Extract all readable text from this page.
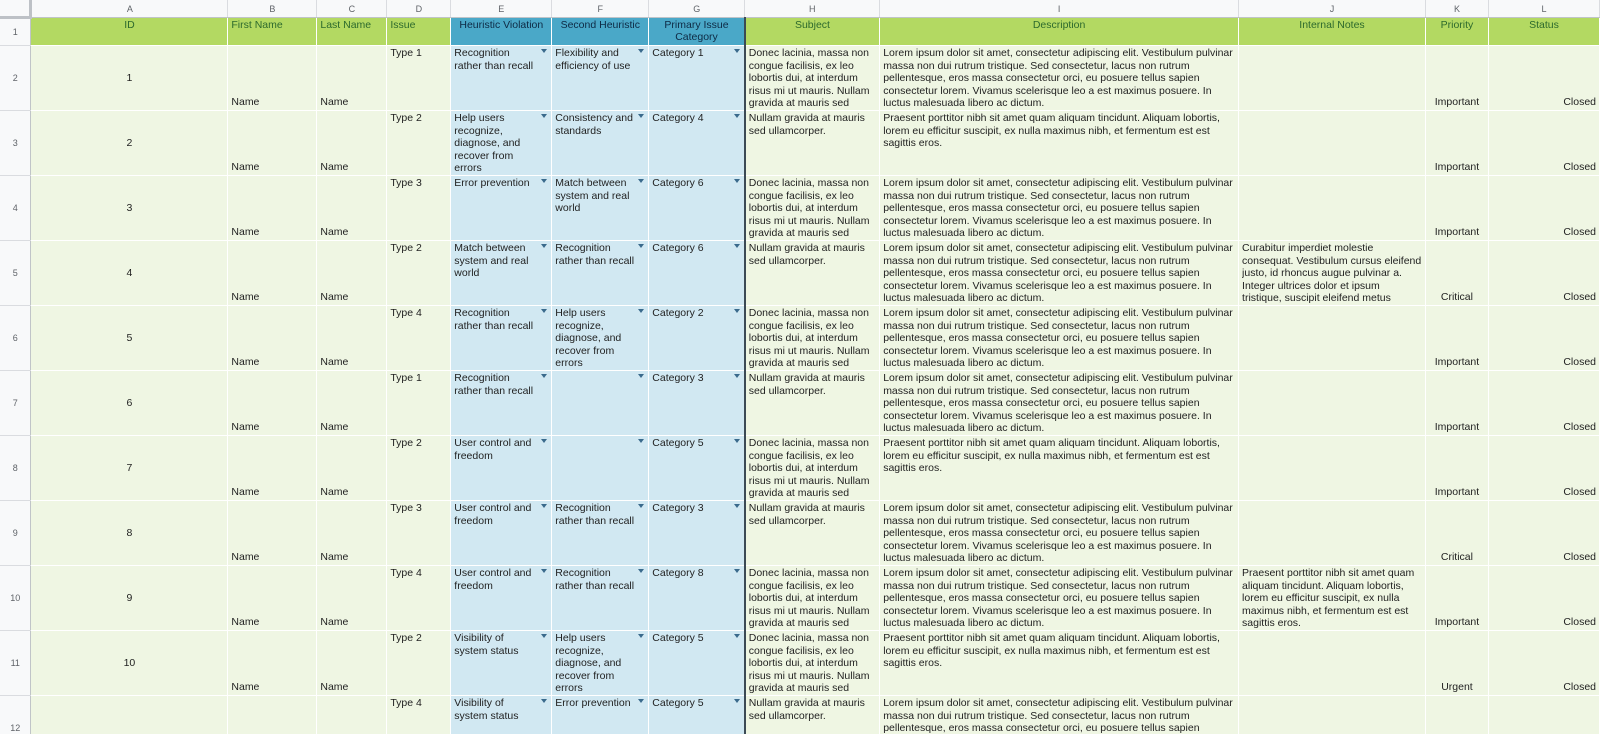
	A	B	C	D	E	F	G	H	I	J	K	L
1	ID	First Name	Last Name	Issue	Heuristic Violation	Second Heuristic	Primary Issue Category	Subject	Description	Internal Notes	Priority	Status
2	1	Name	Name	Type 1	Recognition rather than recall	Flexibility and efficiency of use	Category 1	Donec lacinia, massa non congue facilisis, ex leo lobortis dui, at interdum risus mi ut mauris. Nullam gravida at mauris sed	Lorem ipsum dolor sit amet, consectetur adipiscing elit. Vestibulum pulvinar massa non dui rutrum tristique. Sed consectetur, lacus non rutrum pellentesque, eros massa consectetur orci, eu posuere tellus sapien consectetur lorem. Vivamus scelerisque leo a est maximus posuere. In luctus malesuada libero ac dictum.		Important	Closed

3	2	Name	Name	Type 2	Help users recognize, diagnose, and recover from errors	Consistency and standards	Category 4	Nullam gravida at mauris sed ullamcorper.	Praesent porttitor nibh sit amet quam aliquam tincidunt. Aliquam lobortis, lorem eu efficitur suscipit, ex nulla maximus nibh, et fermentum est est sagittis eros.		Important	Closed

4	3	Name	Name	Type 3	Error prevention	Match between system and real world	Category 6	Donec lacinia, massa non congue facilisis, ex leo lobortis dui, at interdum risus mi ut mauris. Nullam gravida at mauris sed	Lorem ipsum dolor sit amet, consectetur adipiscing elit. Vestibulum pulvinar massa non dui rutrum tristique. Sed consectetur, lacus non rutrum pellentesque, eros massa consectetur orci, eu posuere tellus sapien consectetur lorem. Vivamus scelerisque leo a est maximus posuere. In luctus malesuada libero ac dictum.		Important	Closed

5	4	Name	Name	Type 2	Match between system and real world	Recognition rather than recall	Category 6	Nullam gravida at mauris sed ullamcorper.	Lorem ipsum dolor sit amet, consectetur adipiscing elit. Vestibulum pulvinar massa non dui rutrum tristique. Sed consectetur, lacus non rutrum pellentesque, eros massa consectetur orci, eu posuere tellus sapien consectetur lorem. Vivamus scelerisque leo a est maximus posuere. In luctus malesuada libero ac dictum.	Curabitur imperdiet molestie consequat. Vestibulum cursus eleifend justo, id rhoncus augue pulvinar a. Integer ultrices dolor et ipsum tristique, suscipit eleifend metus	Critical	Closed

6	5	Name	Name	Type 4	Recognition rather than recall	Help users recognize, diagnose, and recover from errors	Category 2	Donec lacinia, massa non congue facilisis, ex leo lobortis dui, at interdum risus mi ut mauris. Nullam gravida at mauris sed	Lorem ipsum dolor sit amet, consectetur adipiscing elit. Vestibulum pulvinar massa non dui rutrum tristique. Sed consectetur, lacus non rutrum pellentesque, eros massa consectetur orci, eu posuere tellus sapien consectetur lorem. Vivamus scelerisque leo a est maximus posuere. In luctus malesuada libero ac dictum.		Important	Closed

7	6	Name	Name	Type 1	Recognition rather than recall		Category 3	Nullam gravida at mauris sed ullamcorper.	Lorem ipsum dolor sit amet, consectetur adipiscing elit. Vestibulum pulvinar massa non dui rutrum tristique. Sed consectetur, lacus non rutrum pellentesque, eros massa consectetur orci, eu posuere tellus sapien consectetur lorem. Vivamus scelerisque leo a est maximus posuere. In luctus malesuada libero ac dictum.		Important	Closed

8	7	Name	Name	Type 2	User control and freedom		Category 5	Donec lacinia, massa non congue facilisis, ex leo lobortis dui, at interdum risus mi ut mauris. Nullam gravida at mauris sed	Praesent porttitor nibh sit amet quam aliquam tincidunt. Aliquam lobortis, lorem eu efficitur suscipit, ex nulla maximus nibh, et fermentum est est sagittis eros.		Important	Closed

9	8	Name	Name	Type 3	User control and freedom	Recognition rather than recall	Category 3	Nullam gravida at mauris sed ullamcorper.	Lorem ipsum dolor sit amet, consectetur adipiscing elit. Vestibulum pulvinar massa non dui rutrum tristique. Sed consectetur, lacus non rutrum pellentesque, eros massa consectetur orci, eu posuere tellus sapien consectetur lorem. Vivamus scelerisque leo a est maximus posuere. In luctus malesuada libero ac dictum.		Critical	Closed

10	9	Name	Name	Type 4	User control and freedom	Recognition rather than recall	Category 8	Donec lacinia, massa non congue facilisis, ex leo lobortis dui, at interdum risus mi ut mauris. Nullam gravida at mauris sed	Lorem ipsum dolor sit amet, consectetur adipiscing elit. Vestibulum pulvinar massa non dui rutrum tristique. Sed consectetur, lacus non rutrum pellentesque, eros massa consectetur orci, eu posuere tellus sapien consectetur lorem. Vivamus scelerisque leo a est maximus posuere. In luctus malesuada libero ac dictum.	Praesent porttitor nibh sit amet quam aliquam tincidunt. Aliquam lobortis, lorem eu efficitur suscipit, ex nulla maximus nibh, et fermentum est est sagittis eros.	Important	Closed

11	10	Name	Name	Type 2	Visibility of system status	Help users recognize, diagnose, and recover from errors	Category 5	Donec lacinia, massa non congue facilisis, ex leo lobortis dui, at interdum risus mi ut mauris. Nullam gravida at mauris sed	Praesent porttitor nibh sit amet quam aliquam tincidunt. Aliquam lobortis, lorem eu efficitur suscipit, ex nulla maximus nibh, et fermentum est est sagittis eros.		Urgent	Closed

12				Type 4	Visibility of system status	Error prevention	Category 5	Nullam gravida at mauris sed ullamcorper.	Lorem ipsum dolor sit amet, consectetur adipiscing elit. Vestibulum pulvinar massa non dui rutrum tristique. Sed consectetur, lacus non rutrum pellentesque, eros massa consectetur orci, eu posuere tellus sapien			
